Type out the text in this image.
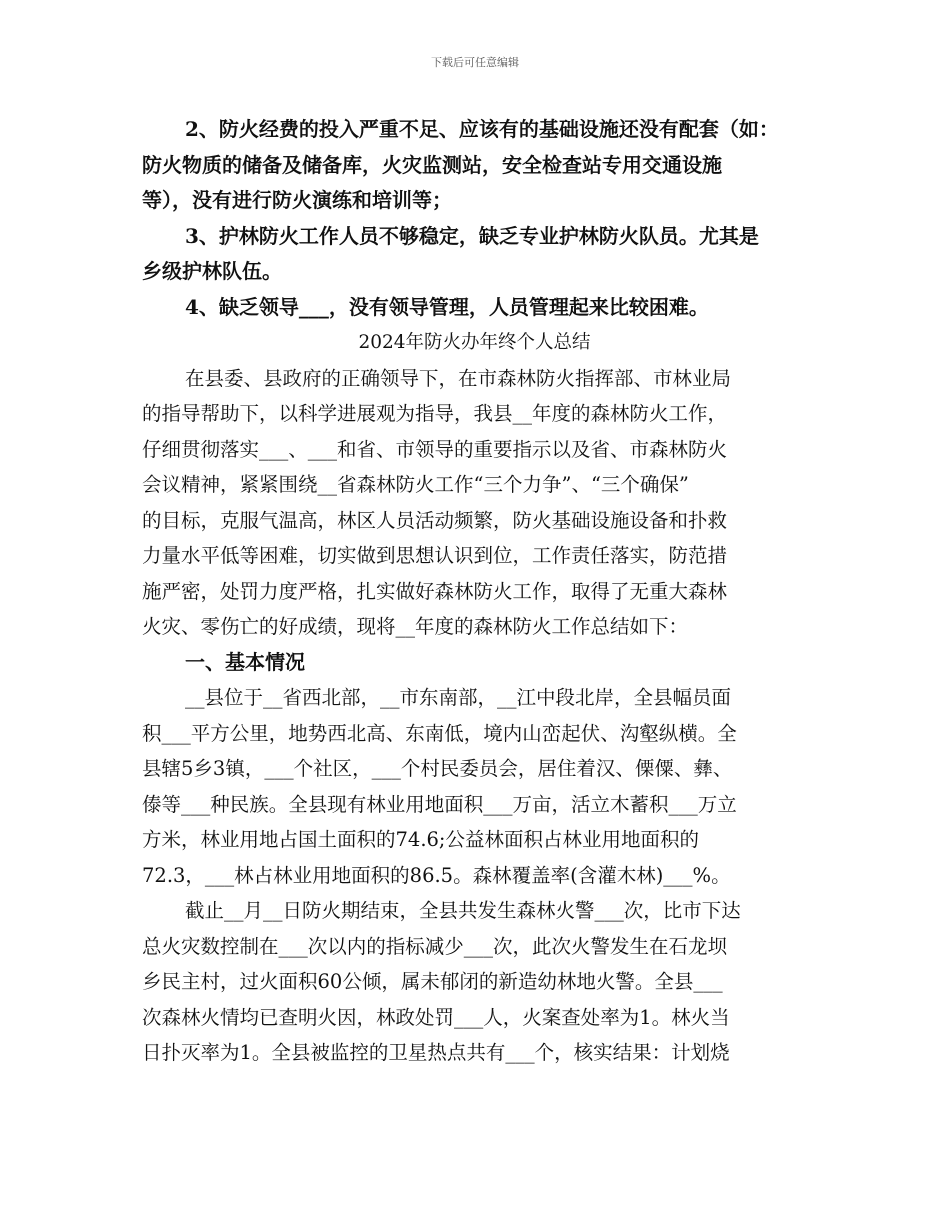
下载后可任意编辑
2、防火经费的投入严重不足、应该有的基础设施还没有配套（如：
防火物质的储备及储备库，火灾监测站，安全检查站专用交通设施
等），没有进行防火演练和培训等；
3、护林防火工作人员不够稳定，缺乏专业护林防火队员。尤其是
乡级护林队伍。
4、缺乏领导___，没有领导管理，人员管理起来比较困难。
2024年防火办年终个人总结
在县委、县政府的正确领导下，在市森林防火指挥部、市林业局
的指导帮助下，以科学进展观为指导，我县__年度的森林防火工作，
仔细贯彻落实___、___和省、市领导的重要指示以及省、市森林防火
会议精神，紧紧围绕__省森林防火工作“三个力争”、“三个确保”
的目标，克服气温高，林区人员活动频繁，防火基础设施设备和扑救
力量水平低等困难，切实做到思想认识到位，工作责任落实，防范措
施严密，处罚力度严格，扎实做好森林防火工作，取得了无重大森林
火灾、零伤亡的好成绩，现将__年度的森林防火工作总结如下：
一、基本情况
__县位于__省西北部，__市东南部，__江中段北岸，全县幅员面
积___平方公里，地势西北高、东南低，境内山峦起伏、沟壑纵横。全
县辖5乡3镇，___个社区，___个村民委员会，居住着汉、傈僳、彝、
傣等___种民族。全县现有林业用地面积___万亩，活立木蓄积___万立
方米，林业用地占国土面积的74.6;公益林面积占林业用地面积的
72.3，___林占林业用地面积的86.5。森林覆盖率(含灌木林)___%。
截止__月__日防火期结束，全县共发生森林火警___次，比市下达
总火灾数控制在___次以内的指标减少___次，此次火警发生在石龙坝
乡民主村，过火面积60公倾，属未郁闭的新造幼林地火警。全县___
次森林火情均已查明火因，林政处罚___人，火案查处率为1。林火当
日扑灭率为1。全县被监控的卫星热点共有___个，核实结果：计划烧
